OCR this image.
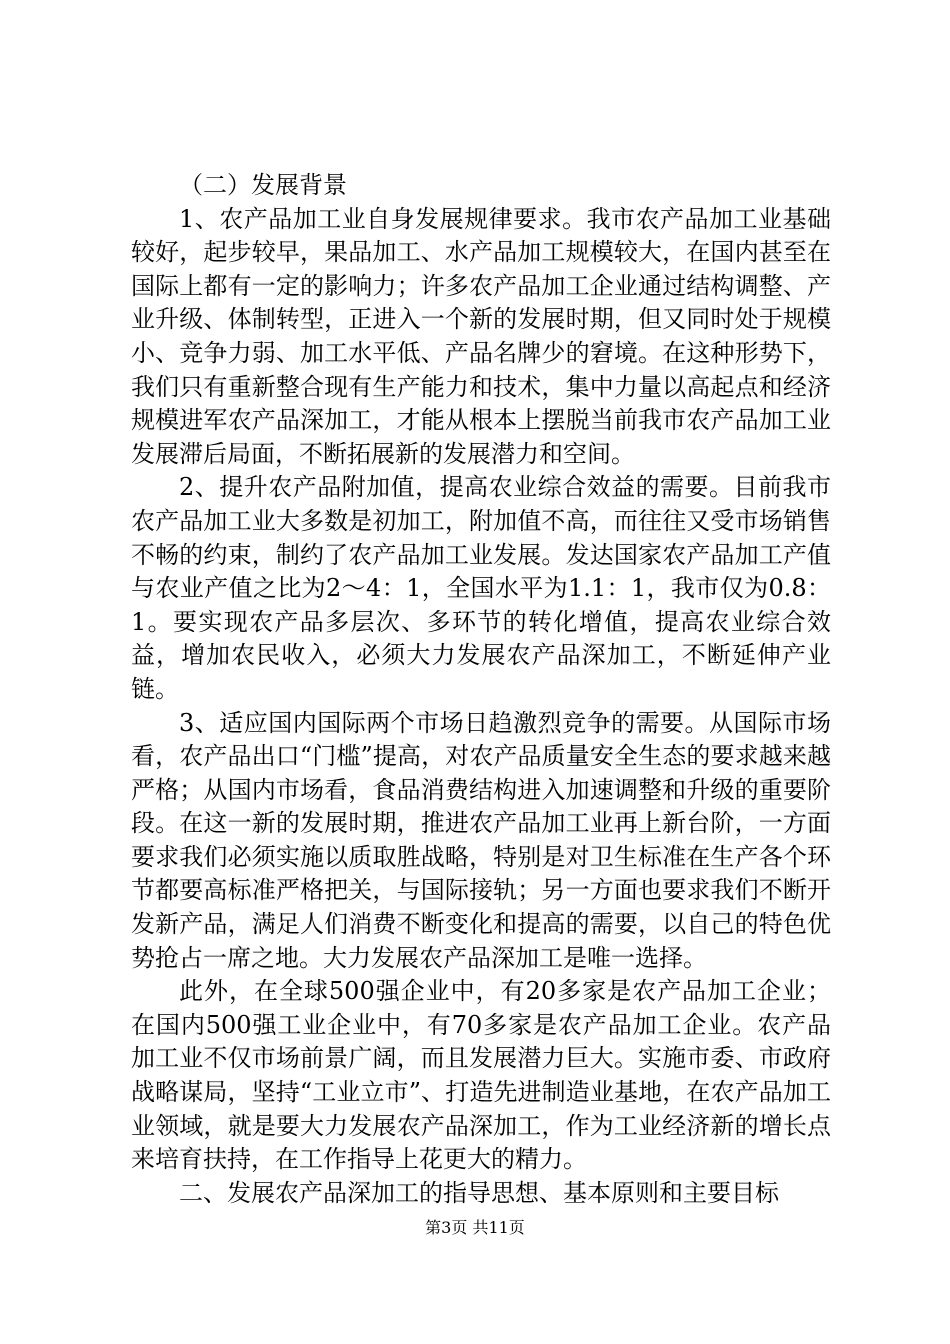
（二）发展背景

1、农产品加工业自身发展规律要求。我市农产品加工业基础较好，起步较早，果品加工、水产品加工规模较大，在国内甚至在国际上都有一定的影响力；许多农产品加工企业通过结构调整、产业升级、体制转型，正进入一个新的发展时期，但又同时处于规模小、竞争力弱、加工水平低、产品名牌少的窘境。在这种形势下，我们只有重新整合现有生产能力和技术，集中力量以高起点和经济规模进军农产品深加工，才能从根本上摆脱当前我市农产品加工业发展滞后局面，不断拓展新的发展潜力和空间。

2、提升农产品附加值，提高农业综合效益的需要。目前我市农产品加工业大多数是初加工，附加值不高，而往往又受市场销售不畅的约束，制约了农产品加工业发展。发达国家农产品加工产值与农业产值之比为2～4：1，全国水平为1.1：1，我市仅为0.8：1。要实现农产品多层次、多环节的转化增值，提高农业综合效益，增加农民收入，必须大力发展农产品深加工，不断延伸产业链。

3、适应国内国际两个市场日趋激烈竞争的需要。从国际市场看，农产品出口“门槛”提高，对农产品质量安全生态的要求越来越严格；从国内市场看，食品消费结构进入加速调整和升级的重要阶段。在这一新的发展时期，推进农产品加工业再上新台阶，一方面要求我们必须实施以质取胜战略，特别是对卫生标准在生产各个环节都要高标准严格把关，与国际接轨；另一方面也要求我们不断开发新产品，满足人们消费不断变化和提高的需要，以自己的特色优势抢占一席之地。大力发展农产品深加工是唯一选择。

此外，在全球500强企业中，有20多家是农产品加工企业；在国内500强工业企业中，有70多家是农产品加工企业。农产品加工业不仅市场前景广阔，而且发展潜力巨大。实施市委、市政府战略谋局，坚持“工业立市”、打造先进制造业基地，在农产品加工业领域，就是要大力发展农产品深加工，作为工业经济新的增长点来培育扶持，在工作指导上花更大的精力。

二、发展农产品深加工的指导思想、基本原则和主要目标

第3页 共11页
